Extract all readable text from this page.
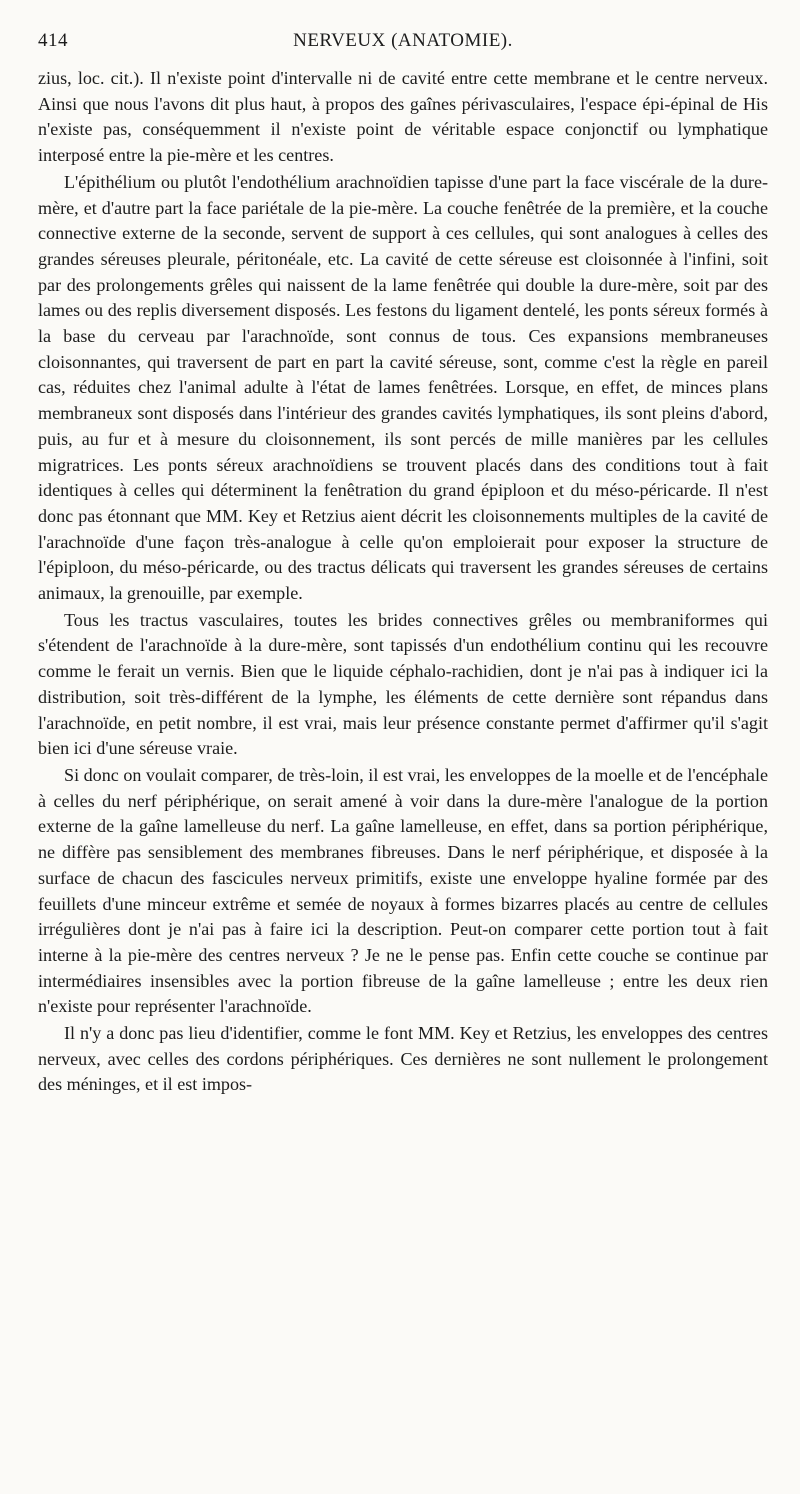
414	NERVEUX (ANATOMIE).

zius, loc. cit.). Il n'existe point d'intervalle ni de cavité entre cette membrane et le centre nerveux. Ainsi que nous l'avons dit plus haut, à propos des gaînes périvasculaires, l'espace épi-épinal de His n'existe pas, conséquemment il n'existe point de véritable espace conjonctif ou lymphatique interposé entre la pie-mère et les centres.

L'épithélium ou plutôt l'endothélium arachnoïdien tapisse d'une part la face viscérale de la dure-mère, et d'autre part la face pariétale de la pie-mère. La couche fenêtrée de la première, et la couche connective externe de la seconde, servent de support à ces cellules, qui sont analogues à celles des grandes séreuses pleurale, péritonéale, etc. La cavité de cette séreuse est cloisonnée à l'infini, soit par des prolongements grêles qui naissent de la lame fenêtrée qui double la dure-mère, soit par des lames ou des replis diversement disposés. Les festons du ligament dentelé, les ponts séreux formés à la base du cerveau par l'arachnoïde, sont connus de tous. Ces expansions membraneuses cloisonnantes, qui traversent de part en part la cavité séreuse, sont, comme c'est la règle en pareil cas, réduites chez l'animal adulte à l'état de lames fenêtrées. Lorsque, en effet, de minces plans membraneux sont disposés dans l'intérieur des grandes cavités lymphatiques, ils sont pleins d'abord, puis, au fur et à mesure du cloisonnement, ils sont percés de mille manières par les cellules migratrices. Les ponts séreux arachnoïdiens se trouvent placés dans des conditions tout à fait identiques à celles qui déterminent la fenêtration du grand épiploon et du méso-péricarde. Il n'est donc pas étonnant que MM. Key et Retzius aient décrit les cloisonnements multiples de la cavité de l'arachnoïde d'une façon très-analogue à celle qu'on emploierait pour exposer la structure de l'épiploon, du méso-péricarde, ou des tractus délicats qui traversent les grandes séreuses de certains animaux, la grenouille, par exemple.

Tous les tractus vasculaires, toutes les brides connectives grêles ou membraniformes qui s'étendent de l'arachnoïde à la dure-mère, sont tapissés d'un endothélium continu qui les recouvre comme le ferait un vernis. Bien que le liquide céphalo-rachidien, dont je n'ai pas à indiquer ici la distribution, soit très-différent de la lymphe, les éléments de cette dernière sont répandus dans l'arachnoïde, en petit nombre, il est vrai, mais leur présence constante permet d'affirmer qu'il s'agit bien ici d'une séreuse vraie.

Si donc on voulait comparer, de très-loin, il est vrai, les enveloppes de la moelle et de l'encéphale à celles du nerf périphérique, on serait amené à voir dans la dure-mère l'analogue de la portion externe de la gaîne lamelleuse du nerf. La gaîne lamelleuse, en effet, dans sa portion périphérique, ne diffère pas sensiblement des membranes fibreuses. Dans le nerf périphérique, et disposée à la surface de chacun des fascicules nerveux primitifs, existe une enveloppe hyaline formée par des feuillets d'une minceur extrême et semée de noyaux à formes bizarres placés au centre de cellules irrégulières dont je n'ai pas à faire ici la description. Peut-on comparer cette portion tout à fait interne à la pie-mère des centres nerveux ? Je ne le pense pas. Enfin cette couche se continue par intermédiaires insensibles avec la portion fibreuse de la gaîne lamelleuse ; entre les deux rien n'existe pour représenter l'arachnoïde.

Il n'y a donc pas lieu d'identifier, comme le font MM. Key et Retzius, les enveloppes des centres nerveux, avec celles des cordons périphériques. Ces dernières ne sont nullement le prolongement des méninges, et il est impos-
